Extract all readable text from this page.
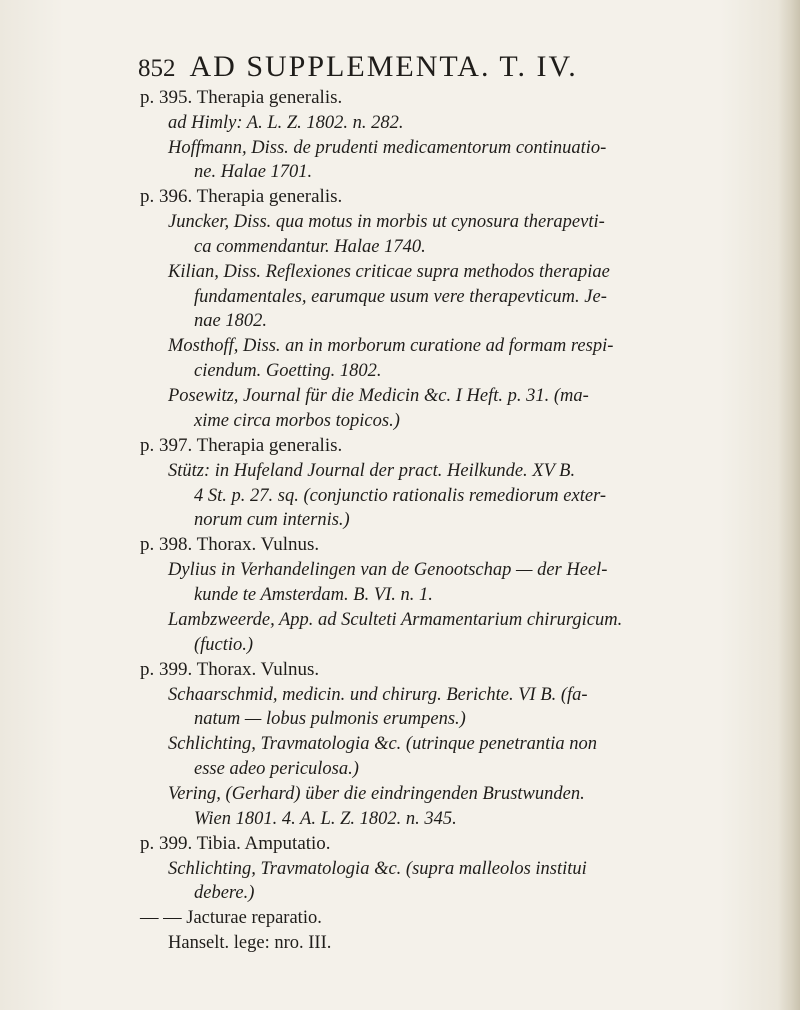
852 AD SUPPLEMENTA. T. IV.
p. 395. Therapia generalis.
ad Himly: A. L. Z. 1802. n. 282.
Hoffmann, Diss. de prudenti medicamentorum continuatio-
ne. Halae 1701.
p. 396. Therapia generalis.
Juncker, Diss. qua motus in morbis ut cynosura therapevti-
ca commendantur. Halae 1740.
Kilian, Diss. Reflexiones criticae supra methodos therapiae
fundamentales, earumque usum vere therapevticum. Je-
nae 1802.
Mosthoff, Diss. an in morborum curatione ad formam respi-
ciendum. Goetting. 1802.
Posewitz, Journal für die Medicin &c. I Heft. p. 31. (ma-
xime circa morbos topicos.)
p. 397. Therapia generalis.
Stütz: in Hufeland Journal der pract. Heilkunde. XV B.
4 St. p. 27. sq. (conjunctio rationalis remediorum exter-
norum cum internis.)
p. 398. Thorax. Vulnus.
Dylius in Verhandelingen van de Genootschap — der Heel-
kunde te Amsterdam. B. VI. n. 1.
Lambzweerde, App. ad Sculteti Armamentarium chirurgicum.
(fuctio.)
p. 399. Thorax. Vulnus.
Schaarschmid, medicin. und chirurg. Berichte. VI B. (fa-
natum — lobus pulmonis erumpens.)
Schlichting, Travmatologia &c. (utrinque penetrantia non
esse adeo periculosa.)
Vering, (Gerhard) über die eindringenden Brustwunden.
Wien 1801. 4. A. L. Z. 1802. n. 345.
p. 399. Tibia. Amputatio.
Schlichting, Travmatologia &c. (supra malleolos institui
debere.)
— — Jacturae reparatio.
Hanselt. lege: nro. III.
